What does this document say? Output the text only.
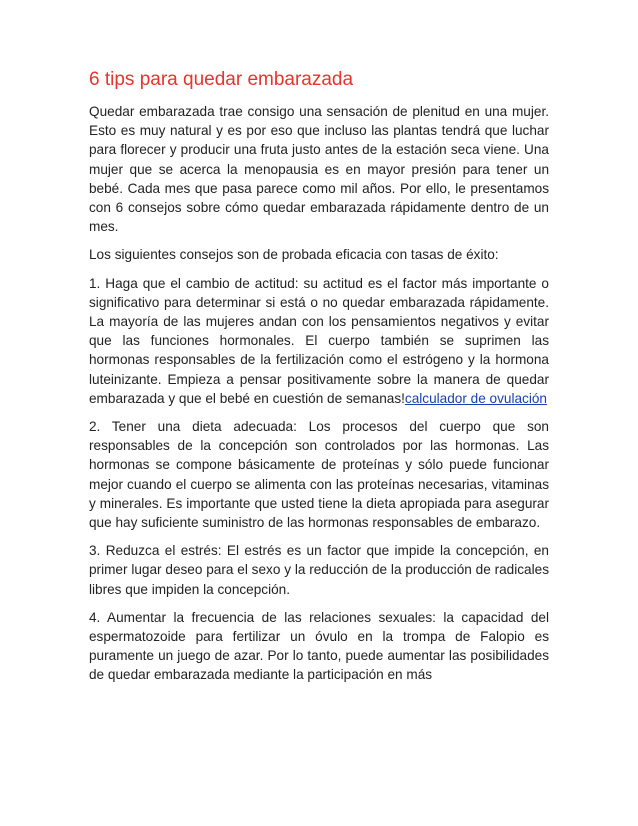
6 tips para quedar embarazada

Quedar embarazada trae consigo una sensación de plenitud en una mujer. Esto es muy natural y es por eso que incluso las plantas tendrá que luchar para florecer y producir una fruta justo antes de la estación seca viene. Una mujer que se acerca la menopausia es en mayor presión para tener un bebé. Cada mes que pasa parece como mil años. Por ello, le presentamos con 6 consejos sobre cómo quedar embarazada rápidamente dentro de un mes.

Los siguientes consejos son de probada eficacia con tasas de éxito:

1. Haga que el cambio de actitud: su actitud es el factor más importante o significativo para determinar si está o no quedar embarazada rápidamente. La mayoría de las mujeres andan con los pensamientos negativos y evitar que las funciones hormonales. El cuerpo también se suprimen las hormonas responsables de la fertilización como el estrógeno y la hormona luteinizante. Empieza a pensar positivamente sobre la manera de quedar embarazada y que el bebé en cuestión de semanas!calculador de ovulación

2. Tener una dieta adecuada: Los procesos del cuerpo que son responsables de la concepción son controlados por las hormonas. Las hormonas se compone básicamente de proteínas y sólo puede funcionar mejor cuando el cuerpo se alimenta con las proteínas necesarias, vitaminas y minerales. Es importante que usted tiene la dieta apropiada para asegurar que hay suficiente suministro de las hormonas responsables de embarazo.

3. Reduzca el estrés: El estrés es un factor que impide la concepción, en primer lugar deseo para el sexo y la reducción de la producción de radicales libres que impiden la concepción.

4. Aumentar la frecuencia de las relaciones sexuales: la capacidad del espermatozoide para fertilizar un óvulo en la trompa de Falopio es puramente un juego de azar. Por lo tanto, puede aumentar las posibilidades de quedar embarazada mediante la participación en más
